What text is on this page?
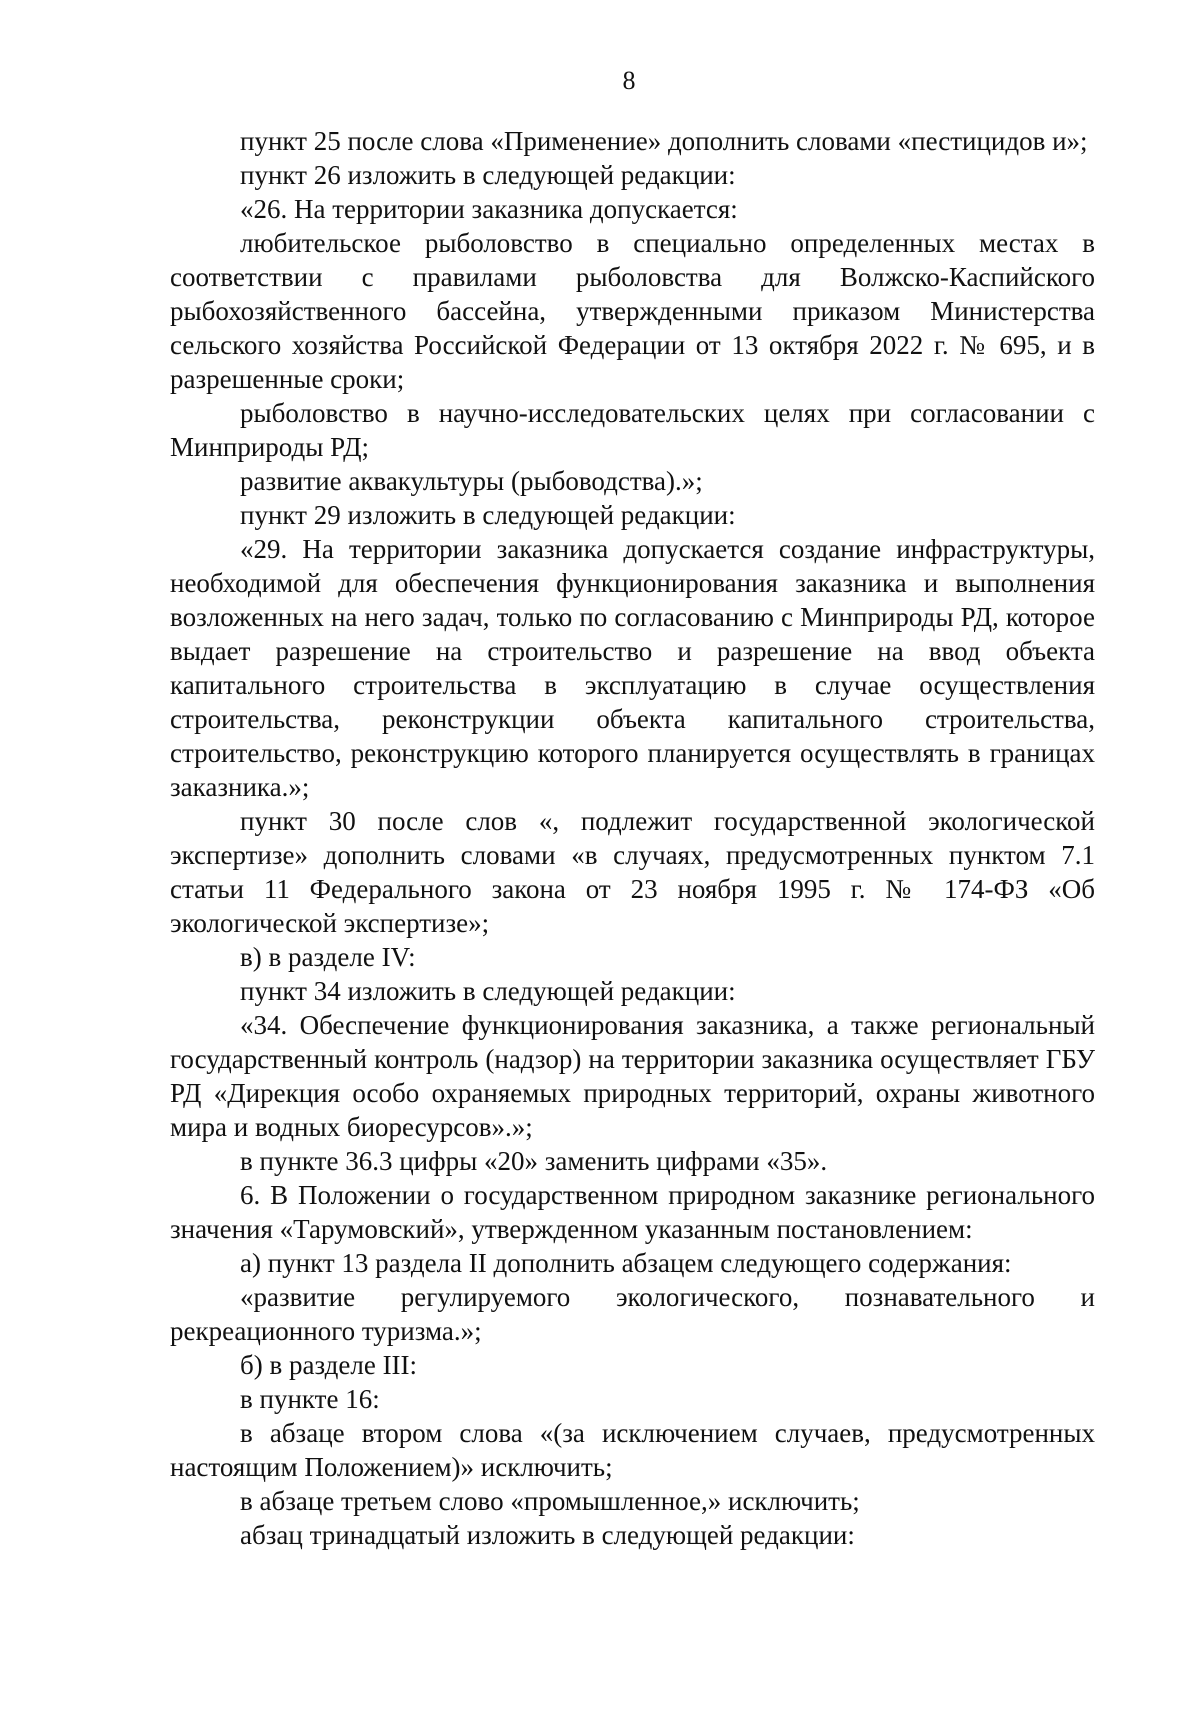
8

пункт 25 после слова «Применение» дополнить словами «пестицидов и»;

пункт 26 изложить в следующей редакции:

«26. На территории заказника допускается:

любительское рыболовство в специально определенных местах в соответствии с правилами рыболовства для Волжско-Каспийского рыбохозяйственного бассейна, утвержденными приказом Министерства сельского хозяйства Российской Федерации от 13 октября 2022 г. № 695, и в разрешенные сроки;

рыболовство в научно-исследовательских целях при согласовании с Минприроды РД;

развитие аквакультуры (рыбоводства).»;

пункт 29 изложить в следующей редакции:

«29. На территории заказника допускается создание инфраструктуры, необходимой для обеспечения функционирования заказника и выполнения возложенных на него задач, только по согласованию с Минприроды РД, которое выдает разрешение на строительство и разрешение на ввод объекта капитального строительства в эксплуатацию в случае осуществления строительства, реконструкции объекта капитального строительства, строительство, реконструкцию которого планируется осуществлять в границах заказника.»;

пункт 30 после слов «, подлежит государственной экологической экспертизе» дополнить словами «в случаях, предусмотренных пунктом 7.1 статьи 11 Федерального закона от 23 ноября 1995 г. № 174-ФЗ «Об экологической экспертизе»;

в) в разделе IV:

пункт 34 изложить в следующей редакции:

«34. Обеспечение функционирования заказника, а также региональный государственный контроль (надзор) на территории заказника осуществляет ГБУ РД «Дирекция особо охраняемых природных территорий, охраны животного мира и водных биоресурсов».»;

в пункте 36.3 цифры «20» заменить цифрами «35».

6. В Положении о государственном природном заказнике регионального значения «Тарумовский», утвержденном указанным постановлением:

а) пункт 13 раздела II дополнить абзацем следующего содержания:

«развитие регулируемого экологического, познавательного и рекреационного туризма.»;

б) в разделе III:

в пункте 16:

в абзаце втором слова «(за исключением случаев, предусмотренных настоящим Положением)» исключить;

в абзаце третьем слово «промышленное,» исключить;

абзац тринадцатый изложить в следующей редакции:
